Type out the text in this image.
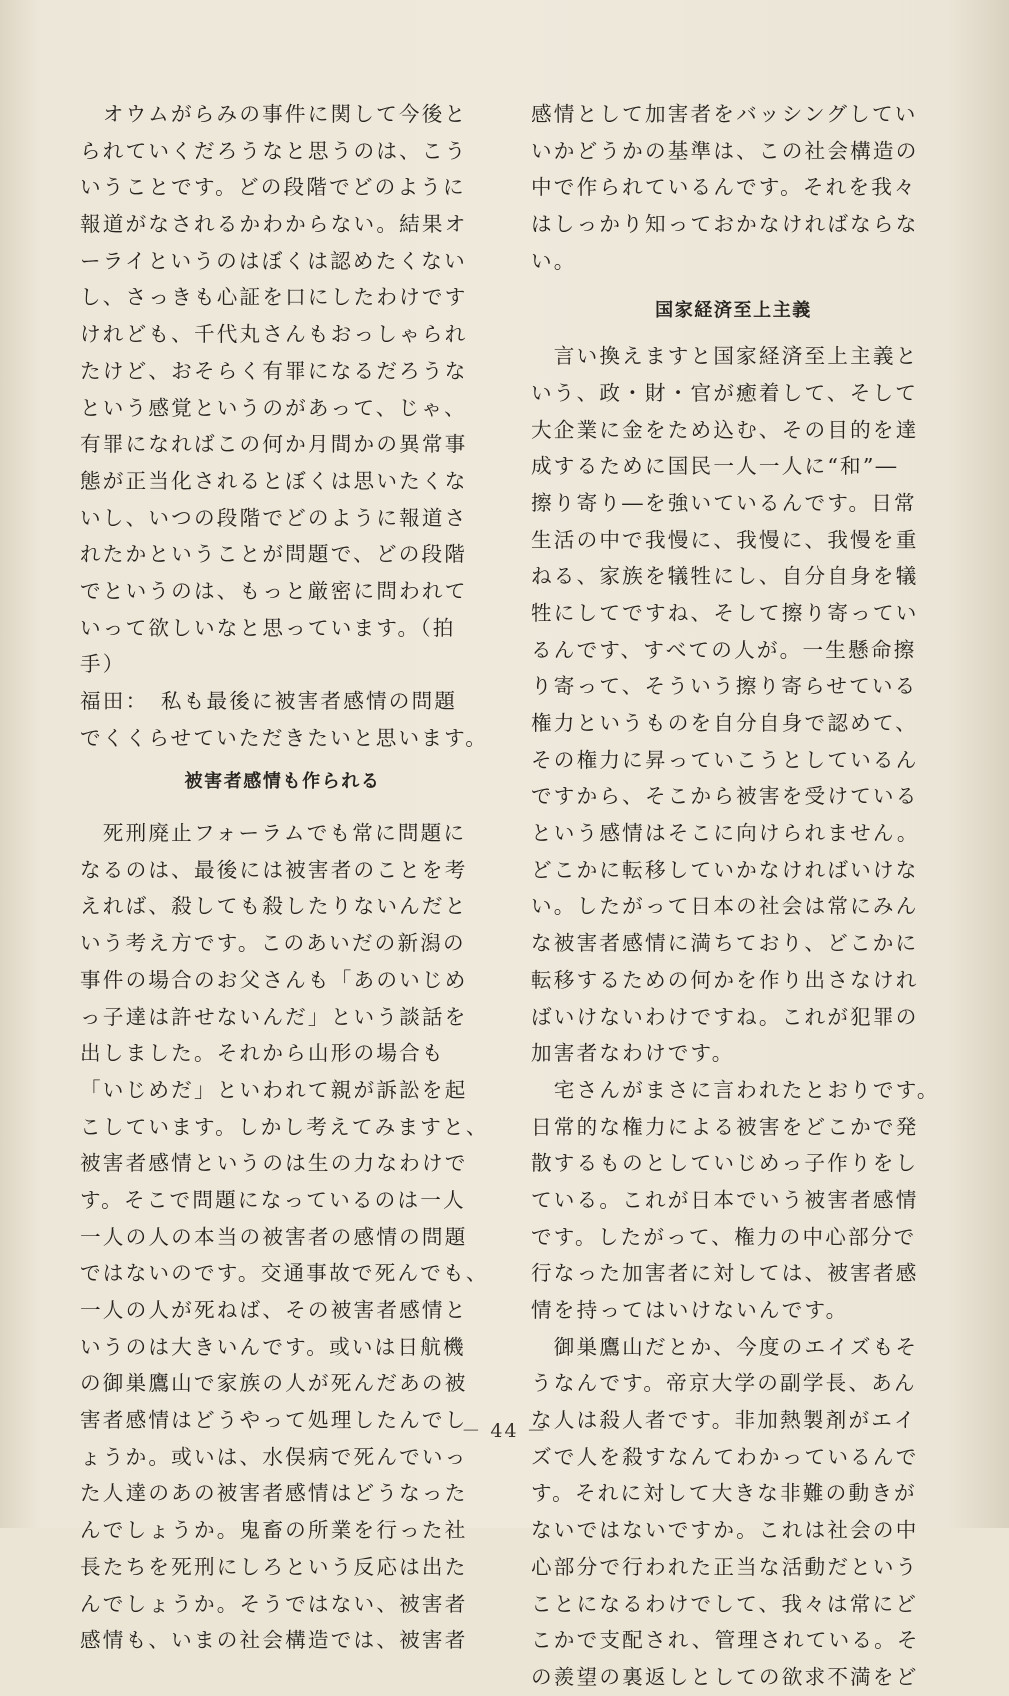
　オウムがらみの事件に関して今後と
られていくだろうなと思うのは、こう
いうことです。どの段階でどのように
報道がなされるかわからない。結果オ
ーライというのはぼくは認めたくない
し、さっきも心証を口にしたわけです
けれども、千代丸さんもおっしゃられ
たけど、おそらく有罪になるだろうな
という感覚というのがあって、じゃ、
有罪になればこの何か月間かの異常事
態が正当化されるとぼくは思いたくな
いし、いつの段階でどのように報道さ
れたかということが問題で、どの段階
でというのは、もっと厳密に問われて
いって欲しいなと思っています。（拍
手）
福田：　私も最後に被害者感情の問題
でくくらせていただきたいと思います。
被害者感情も作られる
　死刑廃止フォーラムでも常に問題に
なるのは、最後には被害者のことを考
えれば、殺しても殺したりないんだと
いう考え方です。このあいだの新潟の
事件の場合のお父さんも「あのいじめ
っ子達は許せないんだ」という談話を
出しました。それから山形の場合も
「いじめだ」といわれて親が訴訟を起
こしています。しかし考えてみますと、
被害者感情というのは生の力なわけで
す。そこで問題になっているのは一人
一人の人の本当の被害者の感情の問題
ではないのです。交通事故で死んでも、
一人の人が死ねば、その被害者感情と
いうのは大きいんです。或いは日航機
の御巣鷹山で家族の人が死んだあの被
害者感情はどうやって処理したんでし
ょうか。或いは、水俣病で死んでいっ
た人達のあの被害者感情はどうなった
んでしょうか。鬼畜の所業を行った社
長たちを死刑にしろという反応は出た
んでしょうか。そうではない、被害者
感情も、いまの社会構造では、被害者
感情として加害者をバッシングしてい
いかどうかの基準は、この社会構造の
中で作られているんです。それを我々
はしっかり知っておかなければならな
い。
国家経済至上主義
　言い換えますと国家経済至上主義と
いう、政・財・官が癒着して、そして
大企業に金をため込む、その目的を達
成するために国民一人一人に“和”―
擦り寄り―を強いているんです。日常
生活の中で我慢に、我慢に、我慢を重
ねる、家族を犠牲にし、自分自身を犠
牲にしてですね、そして擦り寄ってい
るんです、すべての人が。一生懸命擦
り寄って、そういう擦り寄らせている
権力というものを自分自身で認めて、
その権力に昇っていこうとしているん
ですから、そこから被害を受けている
という感情はそこに向けられません。
どこかに転移していかなければいけな
い。したがって日本の社会は常にみん
な被害者感情に満ちており、どこかに
転移するための何かを作り出さなけれ
ばいけないわけですね。これが犯罪の
加害者なわけです。
　宅さんがまさに言われたとおりです。
日常的な権力による被害をどこかで発
散するものとしていじめっ子作りをし
ている。これが日本でいう被害者感情
です。したがって、権力の中心部分で
行なった加害者に対しては、被害者感
情を持ってはいけないんです。
　御巣鷹山だとか、今度のエイズもそ
うなんです。帝京大学の副学長、あん
な人は殺人者です。非加熱製剤がエイ
ズで人を殺すなんてわかっているんで
す。それに対して大きな非難の動きが
ないではないですか。これは社会の中
心部分で行われた正当な活動だという
ことになるわけでして、我々は常にど
こかで支配され、管理されている。そ
の羨望の裏返しとしての欲求不満をど
－ 44 －
